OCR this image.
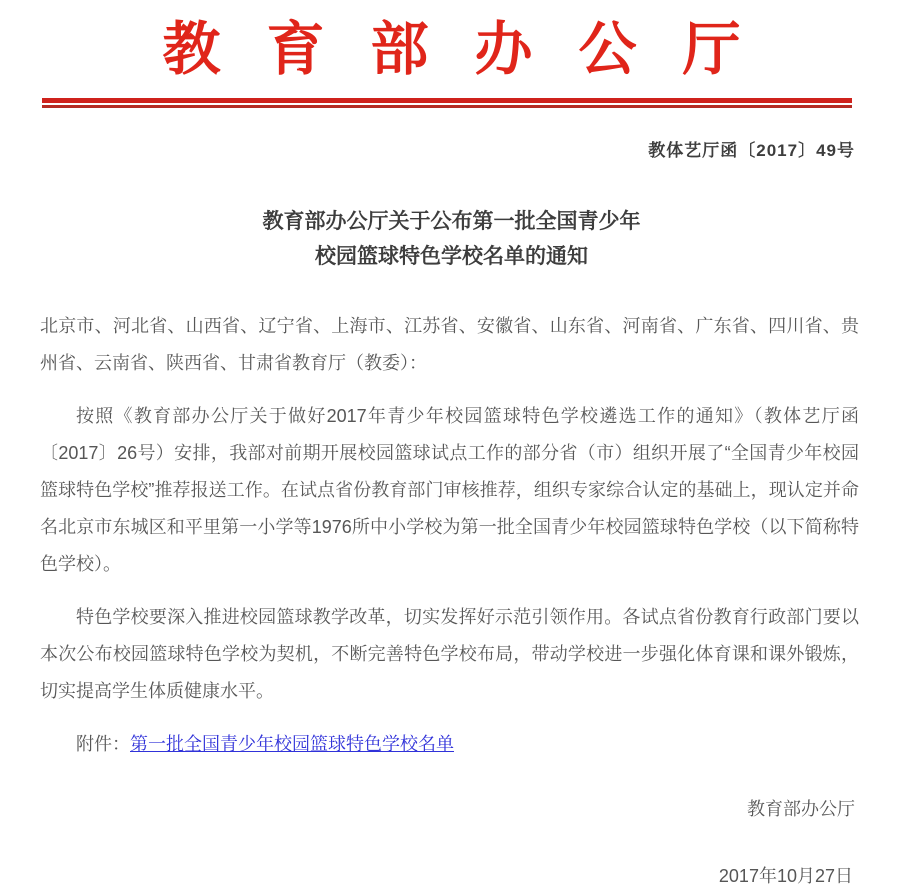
教育部办公厅
教体艺厅函〔2017〕49号
教育部办公厅关于公布第一批全国青少年
校园篮球特色学校名单的通知

北京市、河北省、山西省、辽宁省、上海市、江苏省、安徽省、山东省、河南省、广东省、四川省、贵州省、云南省、陕西省、甘肃省教育厅（教委）：

按照《教育部办公厅关于做好2017年青少年校园篮球特色学校遴选工作的通知》（教体艺厅函〔2017〕26号）安排，我部对前期开展校园篮球试点工作的部分省（市）组织开展了“全国青少年校园篮球特色学校”推荐报送工作。在试点省份教育部门审核推荐，组织专家综合认定的基础上，现认定并命名北京市东城区和平里第一小学等1976所中小学校为第一批全国青少年校园篮球特色学校（以下简称特色学校）。

特色学校要深入推进校园篮球教学改革，切实发挥好示范引领作用。各试点省份教育行政部门要以本次公布校园篮球特色学校为契机，不断完善特色学校布局，带动学校进一步强化体育课和课外锻炼，切实提高学生体质健康水平。

附件：第一批全国青少年校园篮球特色学校名单

教育部办公厅
2017年10月27日
